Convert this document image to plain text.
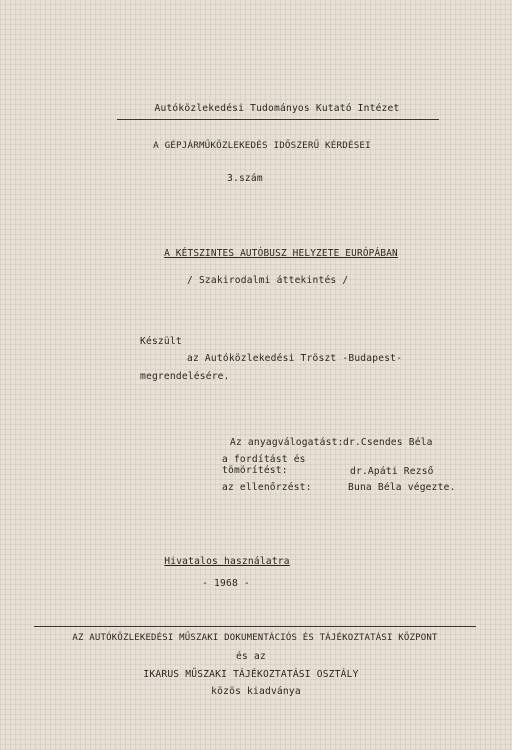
Autóközlekedési Tudományos Kutató Intézet
A GÉPJÁRMŰKÖZLEKEDÉS IDŐSZERŰ KÉRDÉSEI
3.szám
A KÉTSZINTES AUTÓBUSZ HELYZETE EURÓPÁBAN
/ Szakirodalmi áttekintés /
Készült
az Autóközlekedési Tröszt -Budapest-
megrendelésére.
Az anyagválogatást: dr.Csendes Béla
a fordítást és
tömörítést:	dr.Apáti Rezső
az ellenőrzést:	Buna Béla végezte.
Hivatalos használatra
- 1968 -
AZ AUTÓKÖZLEKEDÉSI MŰSZAKI DOKUMENTÁCIÓS ÉS TÁJÉKOZTATÁSI KÖZPONT
és az
IKARUS MŰSZAKI TÁJÉKOZTATÁSI OSZTÁLY
közös kiadványa
